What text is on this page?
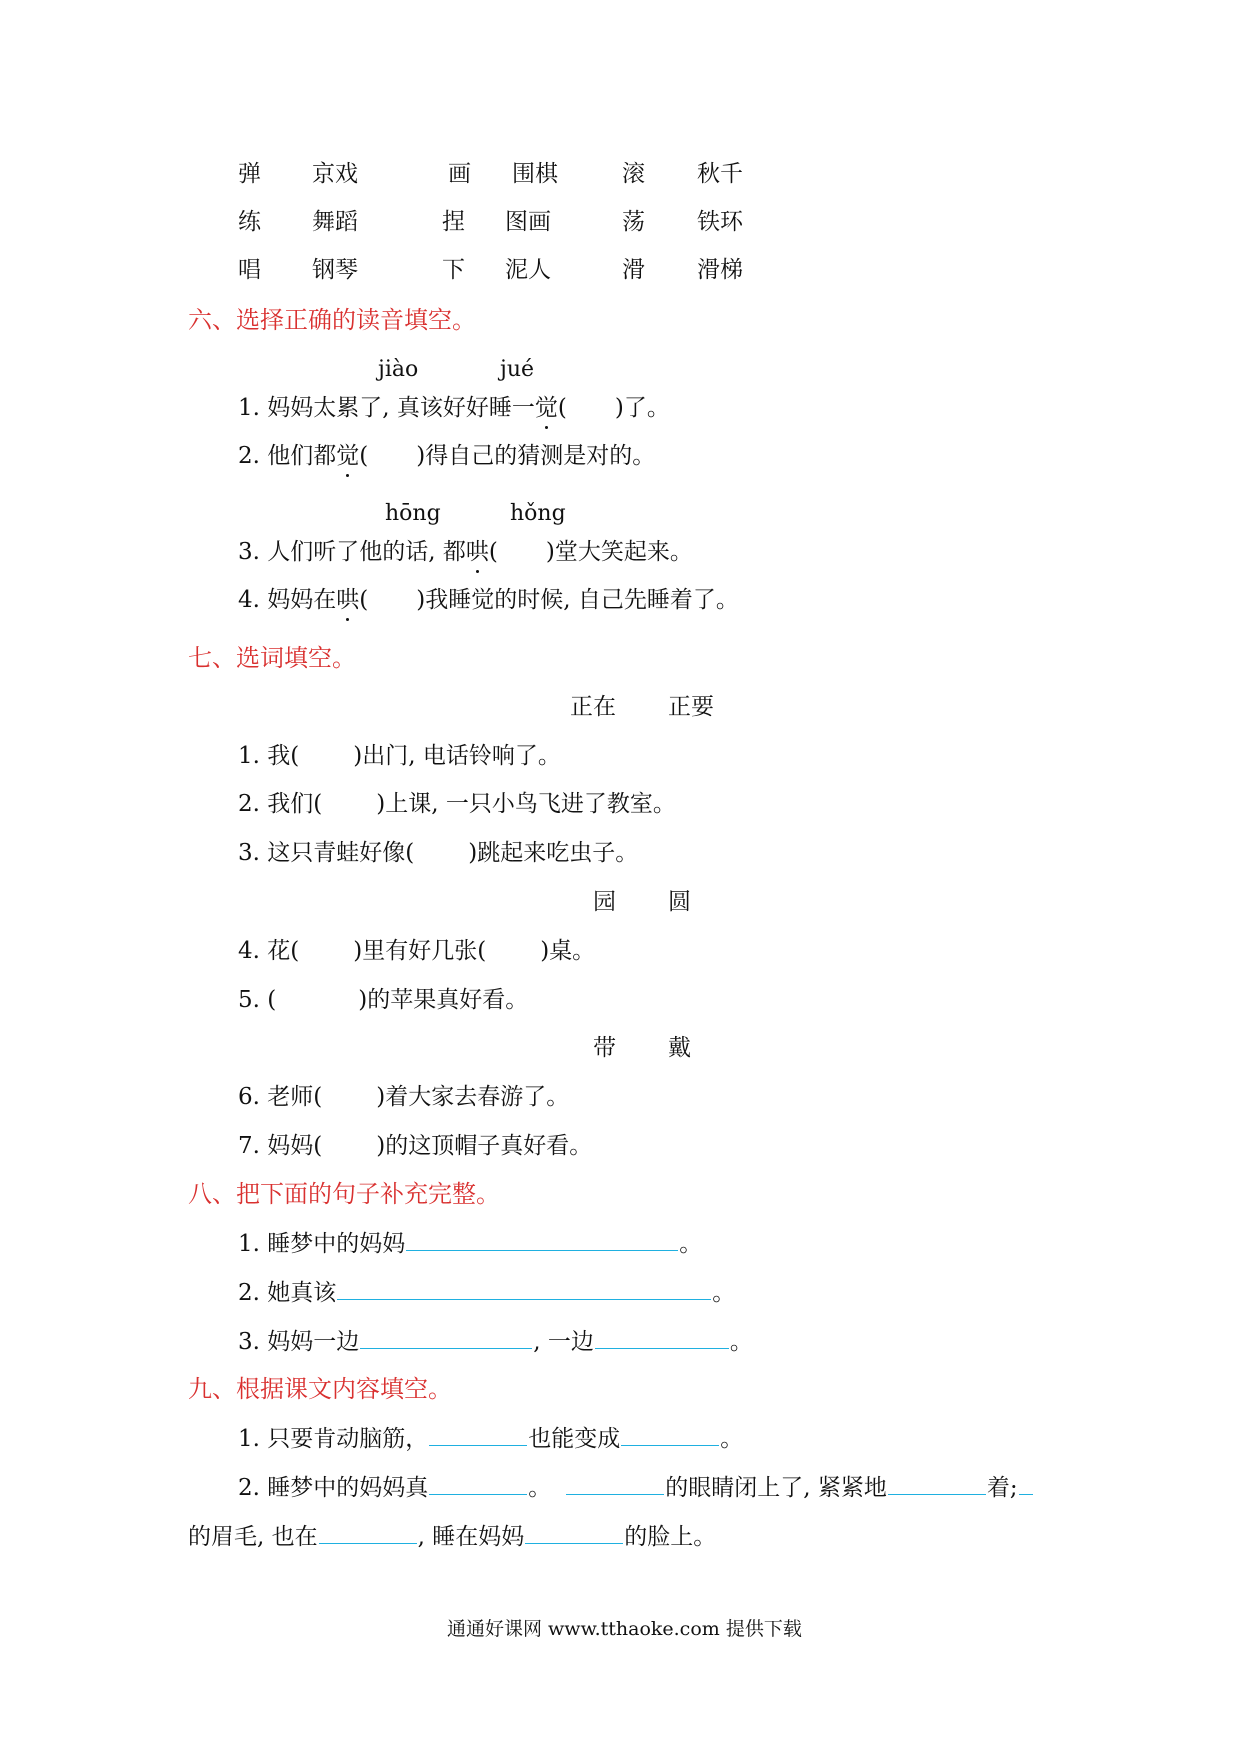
弹 京戏	画 围棋	滚 秋千
练 舞蹈	捏 图画	荡 铁环
唱 钢琴	下 泥人	滑 滑梯
六、选择正确的读音填空。
jiào	jué
1. 妈妈太累了, 真该好好睡一觉( )了。
2. 他们都觉( )得自己的猜测是对的。
hōng	hǒng
3. 人们听了他的话, 都哄( )堂大笑起来。
4. 妈妈在哄( )我睡觉的时候, 自己先睡着了。
七、选词填空。
正在 正要
1. 我( )出门, 电话铃响了。
2. 我们( )上课, 一只小鸟飞进了教室。
3. 这只青蛙好像( )跳起来吃虫子。
园 圆
4. 花( )里有好几张( )桌。
5. (	)的苹果真好看。
带 戴
6. 老师( )着大家去春游了。
7. 妈妈( )的这顶帽子真好看。
八、把下面的句子补充完整。
1. 睡梦中的妈妈	。
2. 她真该	。
3. 妈妈一边	, 一边	。
九、根据课文内容填空。
1. 只要肯动脑筋，	也能变成	。
2. 睡梦中的妈妈真	。	的眼睛闭上了, 紧紧地	着;
的眉毛, 也在	, 睡在妈妈	的脸上。
通通好课网 www.tthaoke.com 提供下载
